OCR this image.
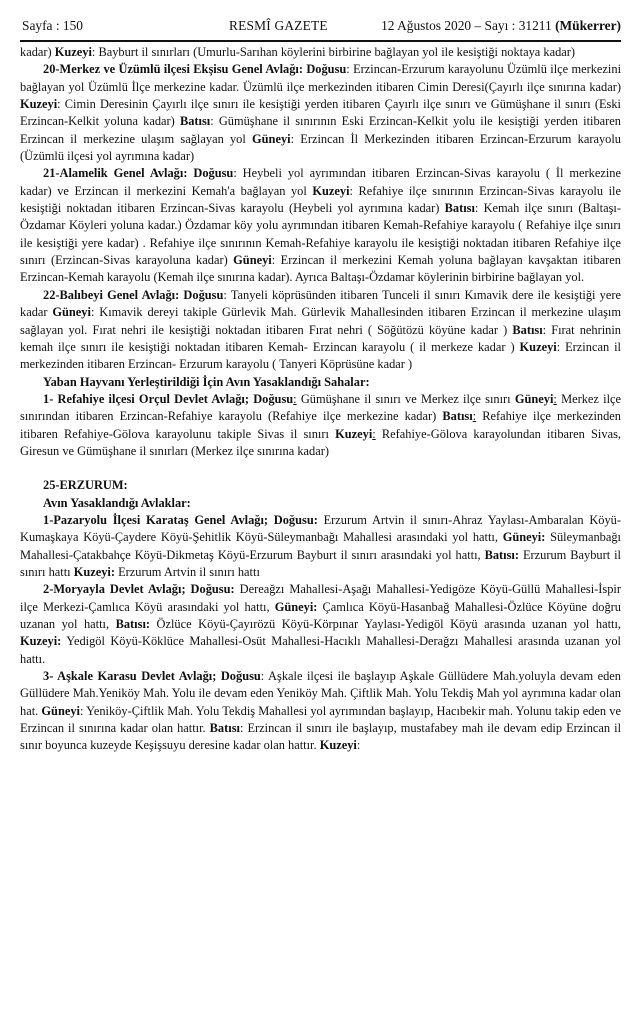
Sayfa : 150	RESMÎ GAZETE	12 Ağustos 2020 – Sayı : 31211 (Mükerrer)

kadar) Kuzeyi: Bayburt il sınırları (Umurlu-Sarıhan köylerini birbirine bağlayan yol ile kesiştiği noktaya kadar)

20-Merkez ve Üzümlü ilçesi Ekşisu Genel Avlağı: Doğusu: Erzincan-Erzurum karayolunu Üzümlü ilçe merkezini bağlayan yol Üzümlü İlçe merkezine kadar. Üzümlü ilçe merkezinden itibaren Cimin Deresi(Çayırlı ilçe sınırına kadar) Kuzeyi: Cimin Deresinin Çayırlı ilçe sınırı ile kesiştiği yerden itibaren Çayırlı ilçe sınırı ve Gümüşhane il sınırı (Eski Erzincan-Kelkit yoluna kadar) Batısı: Gümüşhane il sınırının Eski Erzincan-Kelkit yolu ile kesiştiği yerden itibaren Erzincan il merkezine ulaşım sağlayan yol Güneyi: Erzincan İl Merkezinden itibaren Erzincan-Erzurum karayolu (Üzümlü ilçesi yol ayrımına kadar)

21-Alamelik Genel Avlağı: Doğusu: Heybeli yol ayrımından itibaren Erzincan-Sivas karayolu ( İl merkezine kadar) ve Erzincan il merkezini Kemah'a bağlayan yol Kuzeyi: Refahiye ilçe sınırının Erzincan-Sivas karayolu ile kesiştiği noktadan itibaren Erzincan-Sivas karayolu (Heybeli yol ayrımına kadar) Batısı: Kemah ilçe sınırı (Baltaşı-Özdamar Köyleri yoluna kadar.) Özdamar köy yolu ayrımından itibaren Kemah-Refahiye karayolu ( Refahiye ilçe sınırı ile kesiştiği yere kadar) . Refahiye ilçe sınırının Kemah-Refahiye karayolu ile kesiştiği noktadan itibaren Refahiye ilçe sınırı (Erzincan-Sivas karayoluna kadar) Güneyi: Erzincan il merkezini Kemah yoluna bağlayan kavşaktan itibaren Erzincan-Kemah karayolu (Kemah ilçe sınırına kadar). Ayrıca Baltaşı-Özdamar köylerinin birbirine bağlayan yol.

22-Balıbeyi Genel Avlağı: Doğusu: Tanyeli köprüsünden itibaren Tunceli il sınırı Kımavik dere ile kesiştiği yere kadar Güneyi: Kımavik dereyi takiple Gürlevik Mah. Gürlevik Mahallesinden itibaren Erzincan il merkezine ulaşım sağlayan yol. Fırat nehri ile kesiştiği noktadan itibaren Fırat nehri ( Söğütözü köyüne kadar ) Batısı: Fırat nehrinin kemah ilçe sınırı ile kesiştiği noktadan itibaren Kemah- Erzincan karayolu ( il merkeze kadar ) Kuzeyi: Erzincan il merkezinden itibaren Erzincan- Erzurum karayolu ( Tanyeri Köprüsüne kadar )

Yaban Hayvanı Yerleştirildiği İçin Avın Yasaklandığı Sahalar:

1- Refahiye ilçesi Orçul Devlet Avlağı; Doğusu: Gümüşhane il sınırı ve Merkez ilçe sınırı Güneyi: Merkez ilçe sınırından itibaren Erzincan-Refahiye karayolu (Refahiye ilçe merkezine kadar) Batısı: Refahiye ilçe merkezinden itibaren Refahiye-Gölova karayolunu takiple Sivas il sınırı Kuzeyi: Refahiye-Gölova karayolundan itibaren Sivas, Giresun ve Gümüşhane il sınırları (Merkez ilçe sınırına kadar)

25-ERZURUM:

Avın Yasaklandığı Avlaklar:

1-Pazaryolu İlçesi Karataş Genel Avlağı; Doğusu: Erzurum Artvin il sınırı-Ahraz Yaylası-Ambaralan Köyü-Kumaşkaya Köyü-Çaydere Köyü-Şehitlik Köyü-Süleymanbağı Mahallesi arasındaki yol hattı, Güneyi: Süleymanbağı Mahallesi-Çatakbahçe Köyü-Dikmetaş Köyü-Erzurum Bayburt il sınırı arasındaki yol hattı, Batısı: Erzurum Bayburt il sınırı hattı Kuzeyi: Erzurum Artvin il sınırı hattı

2-Moryayla Devlet Avlağı; Doğusu: Dereağzı Mahallesi-Aşağı Mahallesi-Yedigöze Köyü-Güllü Mahallesi-İspir ilçe Merkezi-Çamlıca Köyü arasındaki yol hattı, Güneyi: Çamlıca Köyü-Hasanbağ Mahallesi-Özlüce Köyüne doğru uzanan yol hattı, Batısı: Özlüce Köyü-Çayırözü Köyü-Körpınar Yaylası-Yedigöl Köyü arasında uzanan yol hattı, Kuzeyi: Yedigöl Köyü-Köklüce Mahallesi-Osüt Mahallesi-Hacıklı Mahallesi-Derağzı Mahallesi arasında uzanan yol hattı.

3- Aşkale Karasu Devlet Avlağı; Doğusu: Aşkale ilçesi ile başlayıp Aşkale Güllüdere Mah.yoluyla devam eden Güllüdere Mah.Yeniköy Mah. Yolu ile devam eden Yeniköy Mah. Çiftlik Mah. Yolu Tekdiş Mah yol ayrımına kadar olan hat. Güneyi: Yeniköy-Çiftlik Mah. Yolu Tekdiş Mahallesi yol ayrımından başlayıp, Hacıbekir mah. Yolunu takip eden ve Erzincan il sınırına kadar olan hattır. Batısı: Erzincan il sınırı ile başlayıp, mustafabey mah ile devam edip Erzincan il sınır boyunca kuzeyde Keşişsuyu deresine kadar olan hattır. Kuzeyi:
